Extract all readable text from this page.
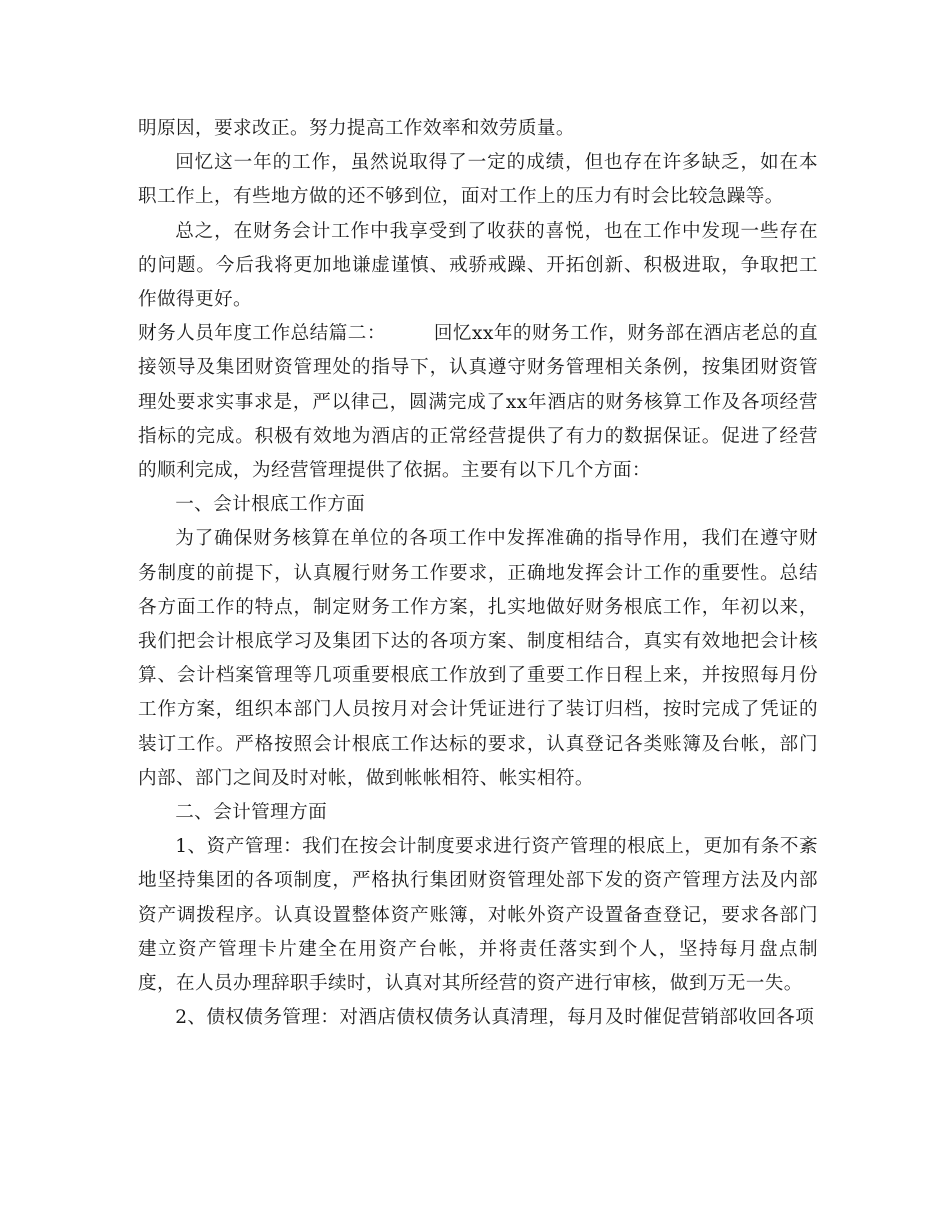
明原因，要求改正。努力提高工作效率和效劳质量。

回忆这一年的工作，虽然说取得了一定的成绩，但也存在许多缺乏，如在本职工作上，有些地方做的还不够到位，面对工作上的压力有时会比较急躁等。

总之，在财务会计工作中我享受到了收获的喜悦，也在工作中发现一些存在的问题。今后我将更加地谦虚谨慎、戒骄戒躁、开拓创新、积极进取，争取把工作做得更好。

财务人员年度工作总结篇二：　　　回忆xx年的财务工作，财务部在酒店老总的直接领导及集团财资管理处的指导下，认真遵守财务管理相关条例，按集团财资管理处要求实事求是，严以律己，圆满完成了xx年酒店的财务核算工作及各项经营指标的完成。积极有效地为酒店的正常经营提供了有力的数据保证。促进了经营的顺利完成，为经营管理提供了依据。主要有以下几个方面：

一、会计根底工作方面

为了确保财务核算在单位的各项工作中发挥准确的指导作用，我们在遵守财务制度的前提下，认真履行财务工作要求，正确地发挥会计工作的重要性。总结各方面工作的特点，制定财务工作方案，扎实地做好财务根底工作，年初以来，我们把会计根底学习及集团下达的各项方案、制度相结合，真实有效地把会计核算、会计档案管理等几项重要根底工作放到了重要工作日程上来，并按照每月份工作方案，组织本部门人员按月对会计凭证进行了装订归档，按时完成了凭证的装订工作。严格按照会计根底工作达标的要求，认真登记各类账簿及台帐，部门内部、部门之间及时对帐，做到帐帐相符、帐实相符。

二、会计管理方面

1、资产管理：我们在按会计制度要求进行资产管理的根底上，更加有条不紊地坚持集团的各项制度，严格执行集团财资管理处部下发的资产管理方法及内部资产调拨程序。认真设置整体资产账簿，对帐外资产设置备查登记，要求各部门建立资产管理卡片建全在用资产台帐，并将责任落实到个人，坚持每月盘点制度，在人员办理辞职手续时，认真对其所经营的资产进行审核，做到万无一失。

2、债权债务管理：对酒店债权债务认真清理，每月及时催促营销部收回各项
